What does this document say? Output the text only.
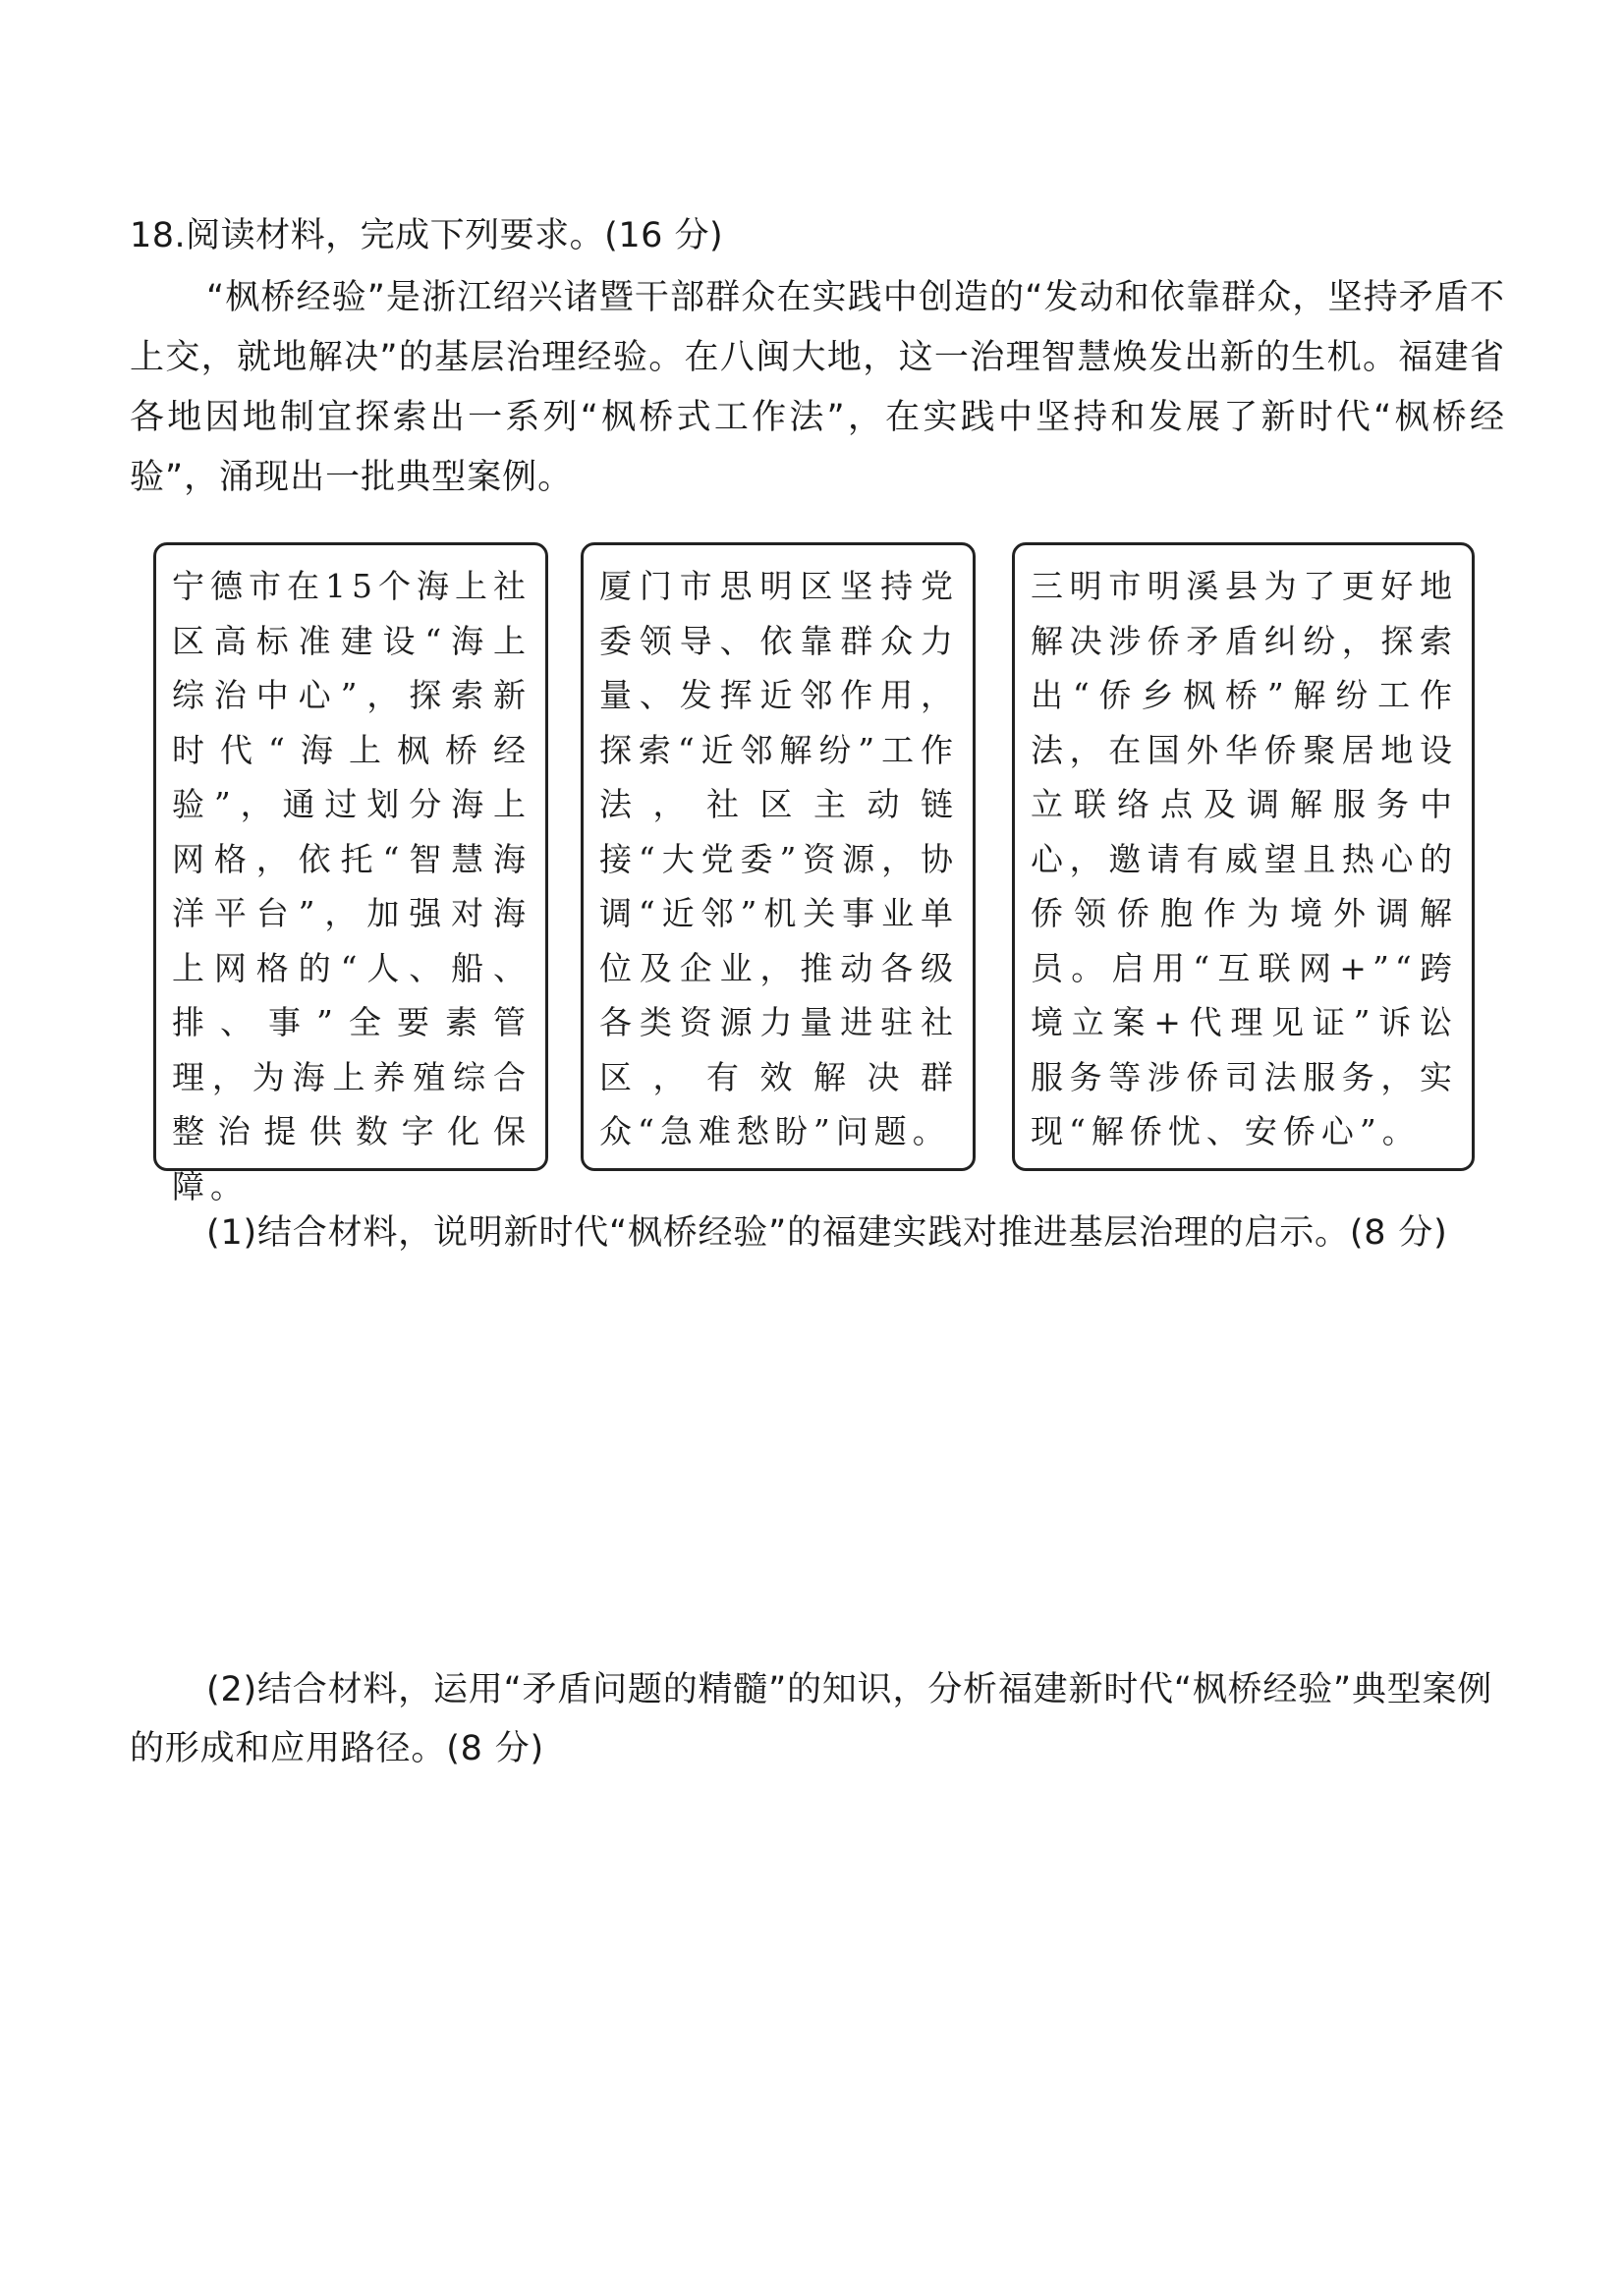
18.阅读材料，完成下列要求。(16 分)
“枫桥经验”是浙江绍兴诸暨干部群众在实践中创造的“发动和依靠群众，坚持矛盾不上交，就地解决”的基层治理经验。在八闽大地，这一治理智慧焕发出新的生机。福建省各地因地制宜探索出一系列“枫桥式工作法”，在实践中坚持和发展了新时代“枫桥经验”，涌现出一批典型案例。
宁德市在15个海上社区高标准建设“海上综治中心”，探索新时代“海上枫桥经验”，通过划分海上网格，依托“智慧海洋平台”，加强对海上网格的“人、船、排、事”全要素管理，为海上养殖综合整治提供数字化保障。
厦门市思明区坚持党委领导、依靠群众力量、发挥近邻作用，探索“近邻解纷”工作法，社区主动链接“大党委”资源，协调“近邻”机关事业单位及企业，推动各级各类资源力量进驻社区，有效解决群众“急难愁盼”问题。
三明市明溪县为了更好地解决涉侨矛盾纠纷，探索出“侨乡枫桥”解纷工作法，在国外华侨聚居地设立联络点及调解服务中心，邀请有威望且热心的侨领侨胞作为境外调解员。启用“互联网+”“跨境立案+代理见证”诉讼服务等涉侨司法服务，实现“解侨忧、安侨心”。
(1)结合材料，说明新时代“枫桥经验”的福建实践对推进基层治理的启示。(8 分)
(2)结合材料，运用“矛盾问题的精髓”的知识，分析福建新时代“枫桥经验”典型案例的形成和应用路径。(8 分)
